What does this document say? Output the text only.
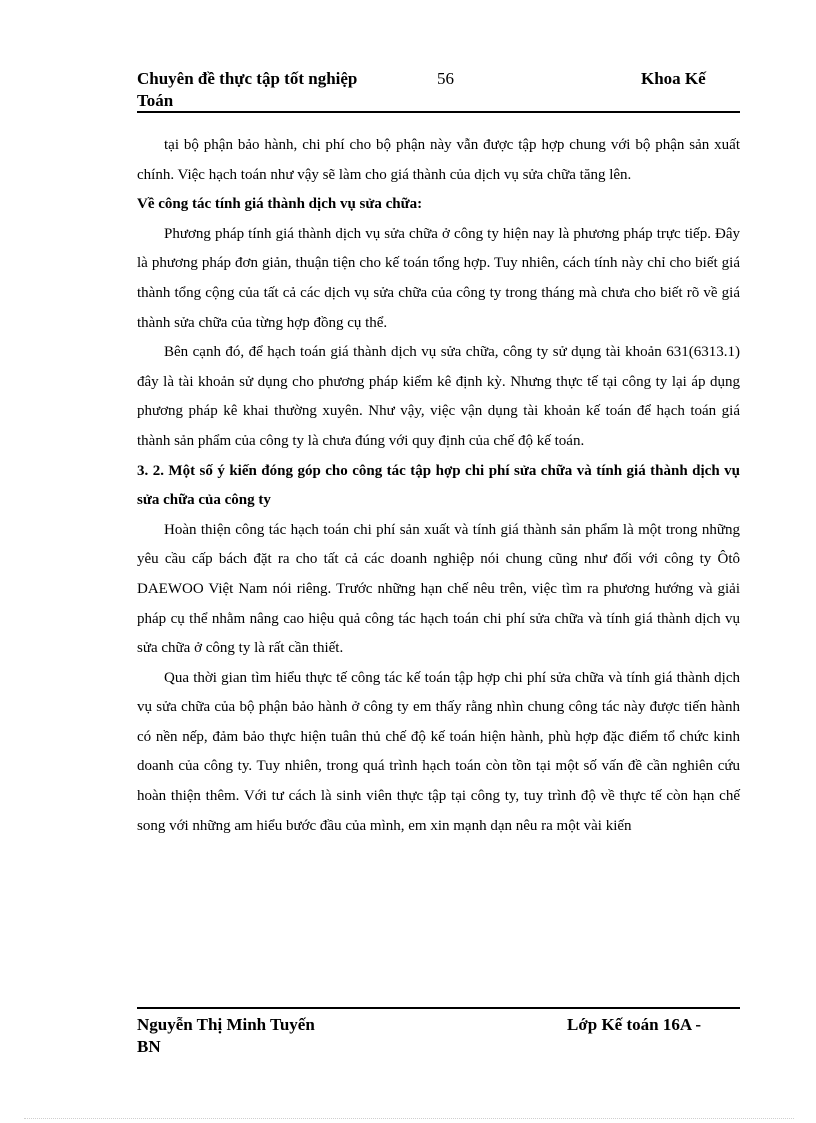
Chuyên đề thực tập tốt nghiệp
Toán
56	Khoa Kế

tại bộ phận bảo hành, chi phí cho bộ phận này vẫn được tập hợp chung với bộ phận sản xuất chính. Việc hạch toán như vậy sẽ làm cho giá thành của dịch vụ sửa chữa tăng lên.

Về công tác tính giá thành dịch vụ sửa chữa:

Phương pháp tính giá thành dịch vụ sửa chữa ở công ty hiện nay là phương pháp trực tiếp. Đây là phương pháp đơn giản, thuận tiện cho kế toán tổng hợp. Tuy nhiên, cách tính này chỉ cho biết giá thành tổng cộng của tất cả các dịch vụ sửa chữa của công ty trong tháng mà chưa cho biết rõ về giá thành sửa chữa của từng hợp đồng cụ thể.

Bên cạnh đó, để hạch toán giá thành dịch vụ sửa chữa, công ty sử dụng tài khoản 631(6313.1) đây là tài khoản sử dụng cho phương pháp kiểm kê định kỳ. Nhưng thực tế tại công ty lại áp dụng phương pháp kê khai thường xuyên. Như vậy, việc vận dụng tài khoản kế toán để hạch toán giá thành sản phẩm của công ty là chưa đúng với quy định của chế độ kế toán.

3. 2. Một số ý kiến đóng góp cho công tác tập hợp chi phí sửa chữa và tính giá thành dịch vụ sửa chữa của công ty

Hoàn thiện công tác hạch toán chi phí sản xuất và tính giá thành sản phẩm là một trong những yêu cầu cấp bách đặt ra cho tất cả các doanh nghiệp nói chung cũng như đối với công ty Ôtô DAEWOO Việt Nam nói riêng. Trước những hạn chế nêu trên, việc tìm ra phương hướng và giải pháp cụ thể nhằm nâng cao hiệu quả công tác hạch toán chi phí sửa chữa và tính giá thành dịch vụ sửa chữa ở công ty là rất cần thiết.

Qua thời gian tìm hiểu thực tế công tác kế toán tập hợp chi phí sửa chữa và tính giá thành dịch vụ sửa chữa của bộ phận bảo hành ở công ty em thấy rằng nhìn chung công tác này được tiến hành có nền nếp, đảm bảo thực hiện tuân thủ chế độ kế toán hiện hành, phù hợp đặc điểm tổ chức kinh doanh của công ty. Tuy nhiên, trong quá trình hạch toán còn tồn tại một số vấn đề cần nghiên cứu hoàn thiện thêm. Với tư cách là sinh viên thực tập tại công ty, tuy trình độ về thực tế còn hạn chế song với những am hiểu bước đầu của mình, em xin mạnh dạn nêu ra một vài kiến

Nguyễn Thị Minh Tuyến
BN
Lớp Kế toán 16A -
